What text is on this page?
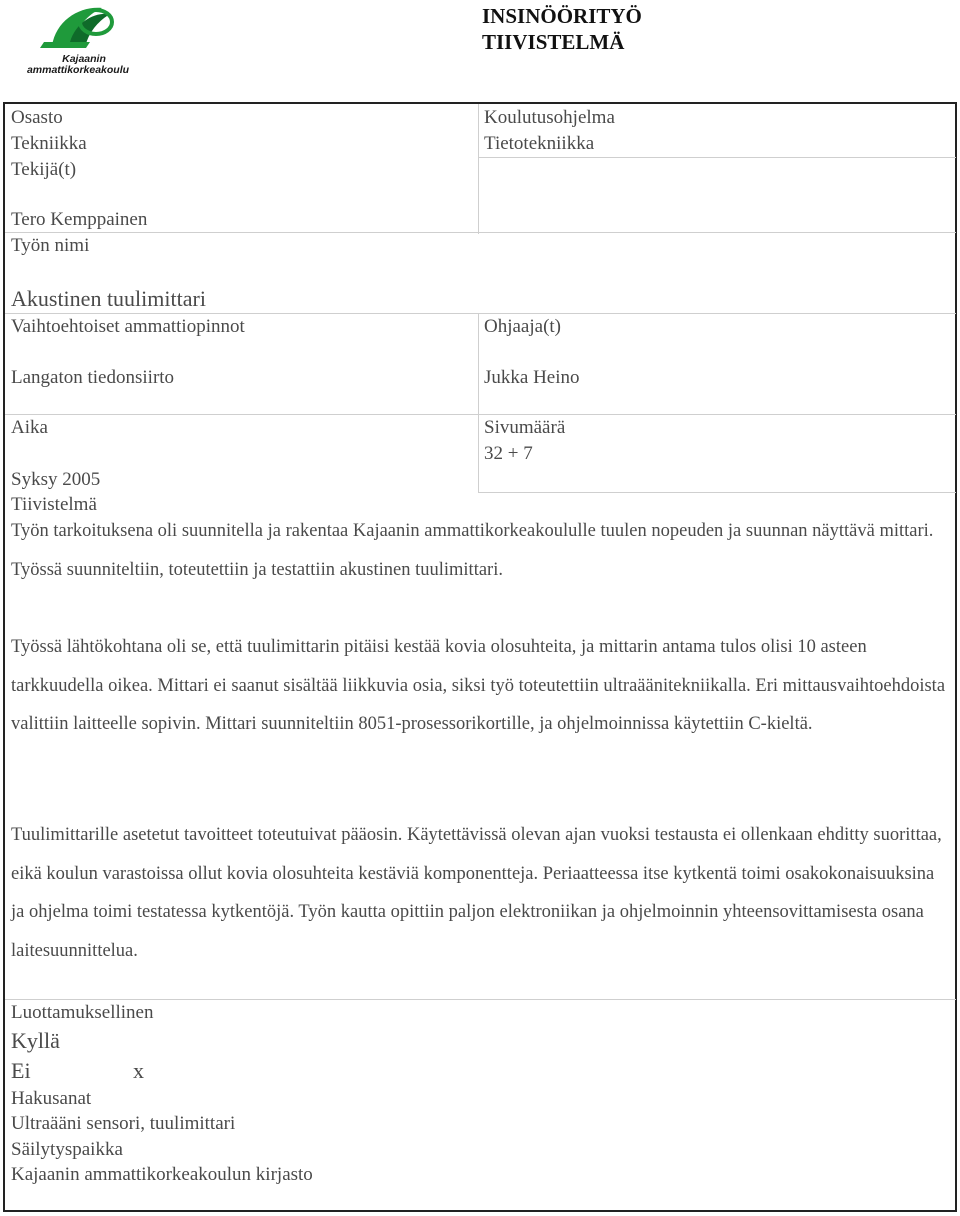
Kajaanin
ammattikorkeakoulu
INSINÖÖRITYÖ
TIIVISTELMÄ
Osasto
Tekniikka
Tekijä(t)
Tero Kemppainen
Työn nimi
Akustinen tuulimittari
Vaihtoehtoiset ammattiopinnot
Langaton tiedonsiirto
Aika
Syksy 2005
Koulutusohjelma
Tietotekniikka
Ohjaaja(t)
Jukka Heino
Sivumäärä
32 + 7
Tiivistelmä
Työn tarkoituksena oli suunnitella ja rakentaa Kajaanin ammattikorkeakoululle tuulen nopeuden ja suunnan näyttävä mittari. Työssä suunniteltiin, toteutettiin ja testattiin akustinen tuulimittari.
Työssä lähtökohtana oli se, että tuulimittarin pitäisi kestää kovia olosuhteita, ja mittarin antama tulos olisi 10 asteen tarkkuudella oikea. Mittari ei saanut sisältää liikkuvia osia, siksi työ toteutettiin ultraäänitekniikalla. Eri mittausvaihtoehdoista valittiin laitteelle sopivin. Mittari suunniteltiin 8051-prosessorikortille, ja ohjelmoinnissa käytettiin C-kieltä.
Tuulimittarille asetetut tavoitteet toteutuivat pääosin. Käytettävissä olevan ajan vuoksi testausta ei ollenkaan ehditty suorittaa, eikä koulun varastoissa ollut kovia olosuhteita kestäviä komponentteja. Periaatteessa itse kytkentä toimi osakokonaisuuksina ja ohjelma toimi testatessa kytkentöjä. Työn kautta opittiin paljon elektroniikan ja ohjelmoinnin yhteensovittamisesta osana laitesuunnittelua.
Luottamuksellinen
Kyllä
Ei	x
Hakusanat
Ultraääni sensori, tuulimittari
Säilytyspaikka
Kajaanin ammattikorkeakoulun kirjasto
